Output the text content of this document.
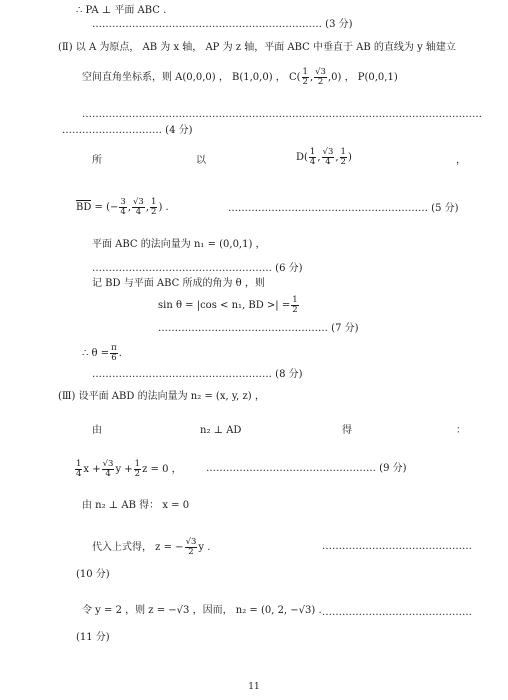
∴ PA ⊥ 平面 ABC .
…………………………………………………………… (3 分)
(Ⅱ) 以 A 为原点， AB 为 x 轴， AP 为 z 轴，平面 ABC 中垂直于 AB 的直线为 y 轴建立
空间直角坐标系，则 A(0,0,0) ， B(1,0,0) ， $C( \frac{1}{2}$ , $\frac{√3}{2} ,0$) ， P(0,0,1)
…………………………………………………………………………………………………………
………………………… (4 分)
所	以	$D( \frac{1}{4}$ , $\frac{√3}{4}$ , $\frac{1}{2}$ )	，
BD = (− $\frac{3}{4}$ , $\frac{√3}{4}$ , $\frac{1}{2}$ ) .	…………………………………………………… (5 分)
平面 ABC 的法向量为 n₁ = (0,0,1) ，
……………………………………………… (6 分)
记 BD 与平面 ABC 所成的角为 θ ，则
sin θ = |cos < n₁, BD >| = $\frac{1}{2}$
…………………………………………… (7 分)
∴ $\theta = \frac{\pi}{6}$ .
……………………………………………… (8 分)
(Ⅲ) 设平面 ABD 的法向量为 n₂ = (x, y, z) ，
由	n₂ ⊥ AD	得	：
$\frac{1}{4}$ $x + \frac{√3}{4}$ $y + \frac{1}{2}$ z = 0 ， …………………………………………… (9 分)
由 n₂ ⊥ AB 得： x = 0
代入上式得， z = − $\frac{√3}{2}$ y .	………………………………………
(10 分)
令 y = 2 ，则 z = −√3 ，因而， n₂ = (0, 2, −√3) . ………………………………………
(11 分)
11
